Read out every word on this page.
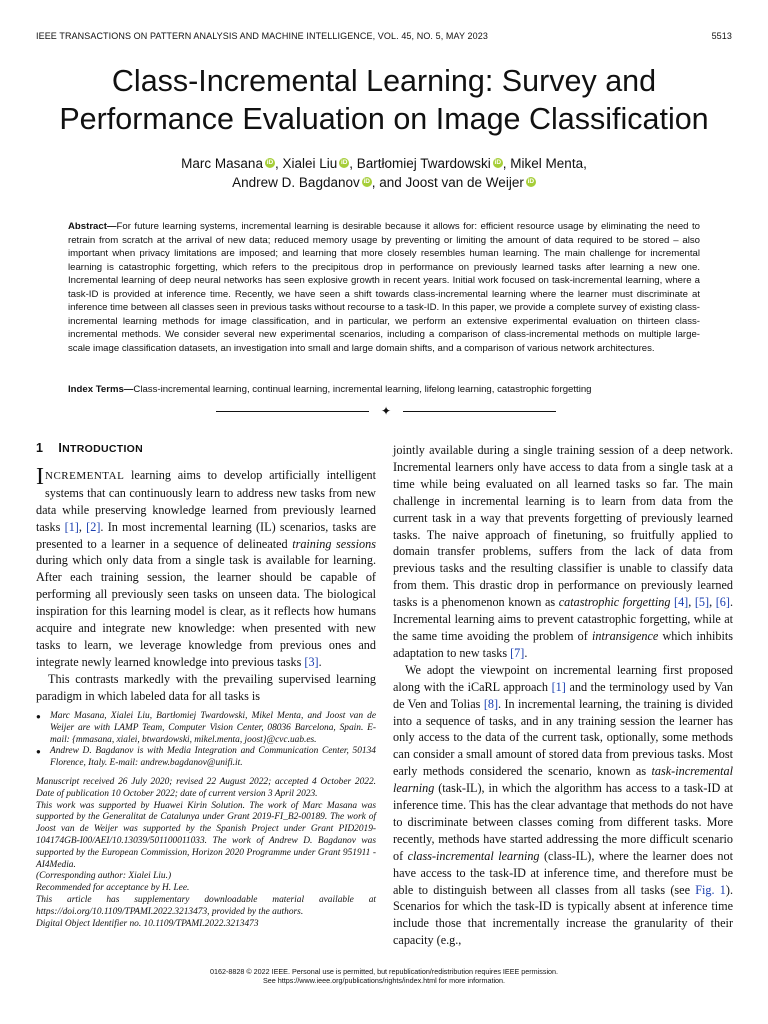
IEEE TRANSACTIONS ON PATTERN ANALYSIS AND MACHINE INTELLIGENCE, VOL. 45, NO. 5, MAY 2023	5513
Class-Incremental Learning: Survey and
Performance Evaluation on Image Classification
Marc Masana iD , Xialei Liu iD , Bartłomiej Twardowski iD , Mikel Menta,
Andrew D. Bagdanov iD , and Joost van de Weijer iD

Abstract—For future learning systems, incremental learning is desirable because it allows for: efficient resource usage by eliminating the need to retrain from scratch at the arrival of new data; reduced memory usage by preventing or limiting the amount of data required to be stored – also important when privacy limitations are imposed; and learning that more closely resembles human learning. The main challenge for incremental learning is catastrophic forgetting, which refers to the precipitous drop in performance on previously learned tasks after learning a new one. Incremental learning of deep neural networks has seen explosive growth in recent years. Initial work focused on task-incremental learning, where a task-ID is provided at inference time. Recently, we have seen a shift towards class-incremental learning where the learner must discriminate at inference time between all classes seen in previous tasks without recourse to a task-ID. In this paper, we provide a complete survey of existing class-incremental learning methods for image classification, and in particular, we perform an extensive experimental evaluation on thirteen class-incremental methods. We consider several new experimental scenarios, including a comparison of class-incremental methods on multiple large-scale image classification datasets, an investigation into small and large domain shifts, and a comparison of various network architectures.

Index Terms—Class-incremental learning, continual learning, incremental learning, lifelong learning, catastrophic forgetting

✦
1 INTRODUCTION

INCREMENTAL learning aims to develop artificially intelligent systems that can continuously learn to address new tasks from new data while preserving knowledge learned from previously learned tasks [1], [2]. In most incremental learning (IL) scenarios, tasks are presented to a learner in a sequence of delineated training sessions during which only data from a single task is available for learning. After each training session, the learner should be capable of performing all previously seen tasks on unseen data. The biological inspiration for this learning model is clear, as it reflects how humans acquire and integrate new knowledge: when presented with new tasks to learn, we leverage knowledge from previous ones and integrate newly learned knowledge into previous tasks [3].

This contrasts markedly with the prevailing supervised learning paradigm in which labeled data for all tasks is

jointly available during a single training session of a deep network. Incremental learners only have access to data from a single task at a time while being evaluated on all learned tasks so far. The main challenge in incremental learning is to learn from data from the current task in a way that prevents forgetting of previously learned tasks. The naive approach of finetuning, so fruitfully applied to domain transfer problems, suffers from the lack of data from previous tasks and the resulting classifier is unable to classify data from them. This drastic drop in performance on previously learned tasks is a phenomenon known as catastrophic forgetting [4], [5], [6]. Incremental learning aims to prevent catastrophic forgetting, while at the same time avoiding the problem of intransigence which inhibits adaptation to new tasks [7].

We adopt the viewpoint on incremental learning first proposed along with the iCaRL approach [1] and the terminology used by Van de Ven and Tolias [8]. In incremental learning, the training is divided into a sequence of tasks, and in any training session the learner has only access to the data of the current task, optionally, some methods can consider a small amount of stored data from previous tasks. Most early methods considered the scenario, known as task-incremental learning (task-IL), in which the algorithm has access to a task-ID at inference time. This has the clear advantage that methods do not have to discriminate between classes coming from different tasks. More recently, methods have started addressing the more difficult scenario of class-incremental learning (class-IL), where the learner does not have access to the task-ID at inference time, and therefore must be able to distinguish between all classes from all tasks (see Fig. 1). Scenarios for which the task-ID is typically absent at inference time include those that incrementally increase the granularity of their capacity (e.g.,

● Marc Masana, Xialei Liu, Bartłomiej Twardowski, Mikel Menta, and Joost van de Weijer are with LAMP Team, Computer Vision Center, 08036 Barcelona, Spain. E-mail: {mmasana, xialei, btwardowski, mikel.menta, joost}@cvc.uab.es.
● Andrew D. Bagdanov is with Media Integration and Communication Center, 50134 Florence, Italy. E-mail: andrew.bagdanov@unifi.it.

Manuscript received 26 July 2020; revised 22 August 2022; accepted 4 October 2022. Date of publication 10 October 2022; date of current version 3 April 2023.

This work was supported by Huawei Kirin Solution. The work of Marc Masana was supported by the Generalitat de Catalunya under Grant 2019-FI_B2-00189. The work of Joost van de Weijer was supported by the Spanish Project under Grant PID2019-104174GB-I00/AEI/10.13039/501100011033. The work of Andrew D. Bagdanov was supported by the European Commission, Horizon 2020 Programme under Grant 951911 - AI4Media.

(Corresponding author: Xialei Liu.)

Recommended for acceptance by H. Lee.

This article has supplementary downloadable material available at https://doi.org/10.1109/TPAMI.2022.3213473, provided by the authors.

Digital Object Identifier no. 10.1109/TPAMI.2022.3213473

0162-8828 © 2022 IEEE. Personal use is permitted, but republication/redistribution requires IEEE permission.
See https://www.ieee.org/publications/rights/index.html for more information.
